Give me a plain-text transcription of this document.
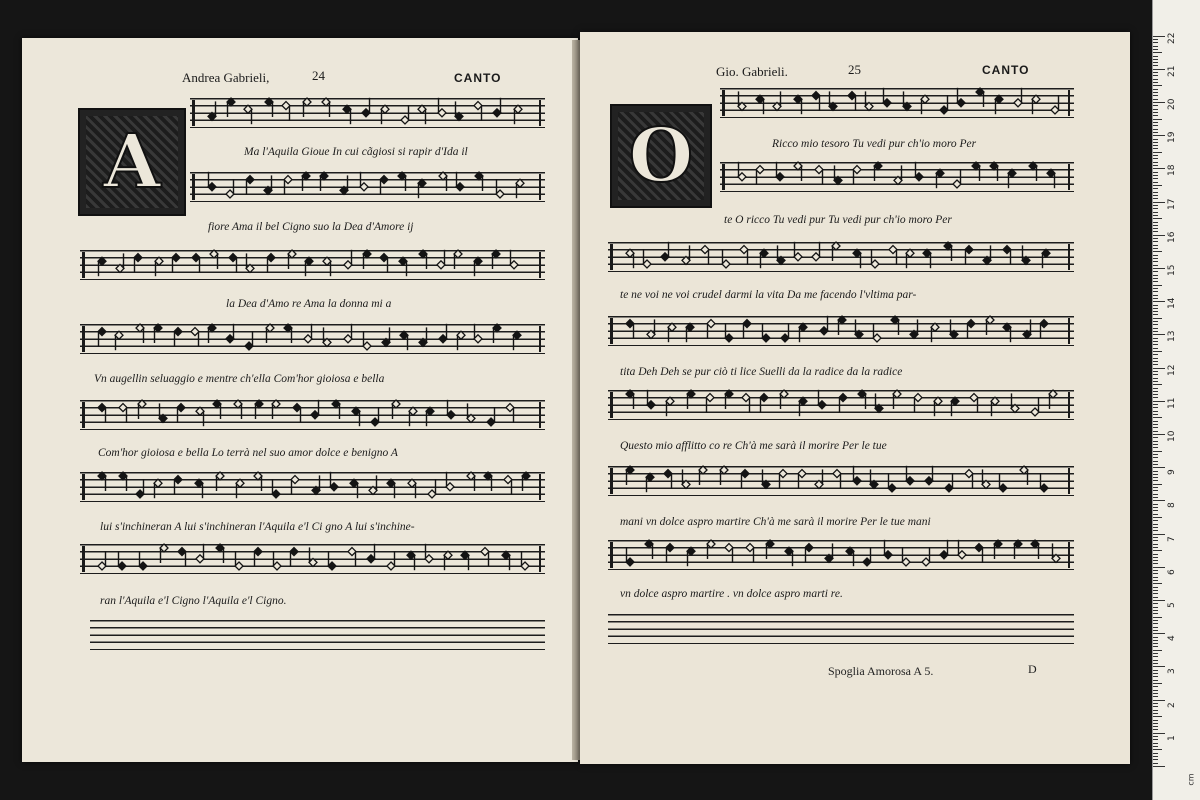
Andrea Gabrieli,	24	CANTO
A	Ma l'Aquila Gioue In cui cãgiosi si rapir d'Ida il
fiore Ama il bel Cigno suo la Dea d'Amore ij
la Dea d'Amo re Ama la donna mi a
Vn augellin seluaggio e mentre ch'ella Com'hor gioiosa e bella
Com'hor gioiosa e bella Lo terrà nel suo amor dolce e benigno A
lui s'inchineran A lui s'inchineran l'Aquila e'l Ci gno A lui s'inchine-
ran l'Aquila e'l Cigno l'Aquila e'l Cigno.
Gio. Gabrieli.	25	CANTO
O	Ricco mio tesoro Tu vedi pur ch'io moro Per
te O ricco Tu vedi pur Tu vedi pur ch'io moro Per
te ne voi ne voi crudel darmi la vita Da me facendo l'vltima par-
tita Deh Deh se pur ciò ti lice Suelli da la radice da la radice
Questo mio afflitto co re Ch'à me sarà il morire Per le tue
mani vn dolce aspro martire Ch'à me sarà il morire Per le tue mani
vn dolce aspro martire . vn dolce aspro marti re.
Spoglia Amorosa A 5.	D
1
2
3
4
5
6
7
8
9
10
11
12
13
14
15
16
17
18
19
20
21
22
cm
